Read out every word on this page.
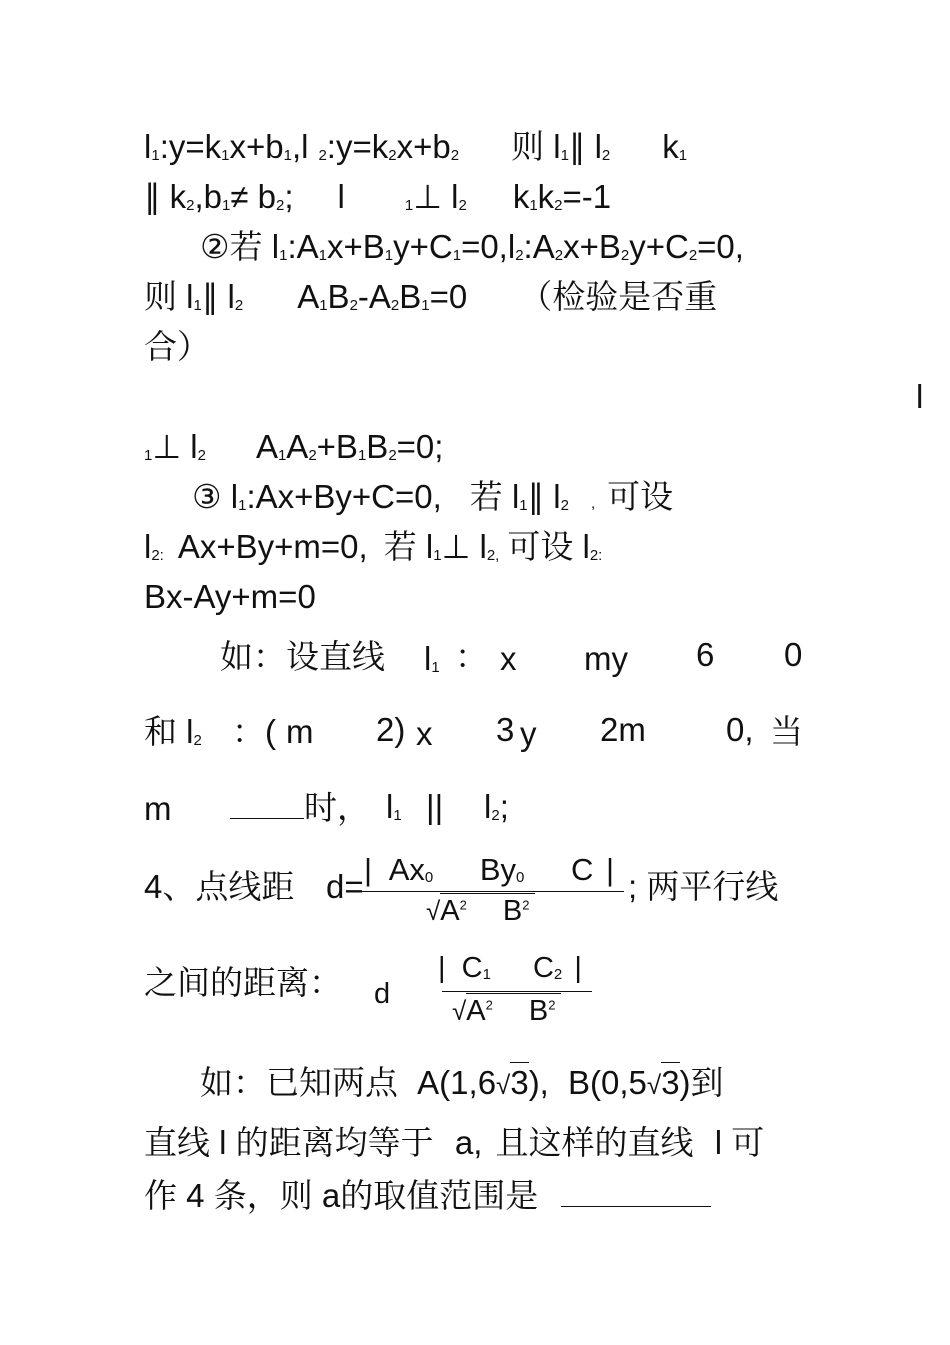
$l_1:y=k_1x+b_1,l$ $_2:y=k_2x+b_2$ 则 $l_1\parallel$ $l_2$ $k_1$
∥ $k_2,b_1\ne b_2$; l	$_1$⊥ $l_2$ $k_1k_2=-1$
②若 $l_1:A_1x+B_1y+C_1=0,l_2:A_2x+B_2y+C_2=0$,
则 $l_1\parallel$ $l_2$ $A_1B_2-A_2B_1=0$ （检验是否重
合）
l
$_1$⊥ $l_2$ $A_1A_2+B_1B_2=0$;
③ $l_1:Ax+By+C=0$, 若 $l_1\parallel$ $l_2$ , 可设
$l_{2:}$ Ax+By+m=0, 若 $l_1\perp$ $l_{2,}$ 可设 $l_{2:}$
Bx-Ay+m=0
如：设直线 $l_1$ ： x my 6 0
和 $l_2$ ：( m 2) x 3 y 2m 0, 当
m	时， $l_1$ || $l_2$;
4、点线距 d= | $Ax_0$ $By_0$ C |
$√A^2$ $B^2$	; 两平行线
之间的距离： d
| $C_1$ $C_2$ |
$√A^2$ $B^2$
如：已知两点 A(1,6√3), B(0,5√3)到
直线 l 的距离均等于 a, 且这样的直线 l 可
作 4 条，则 a的取值范围是
